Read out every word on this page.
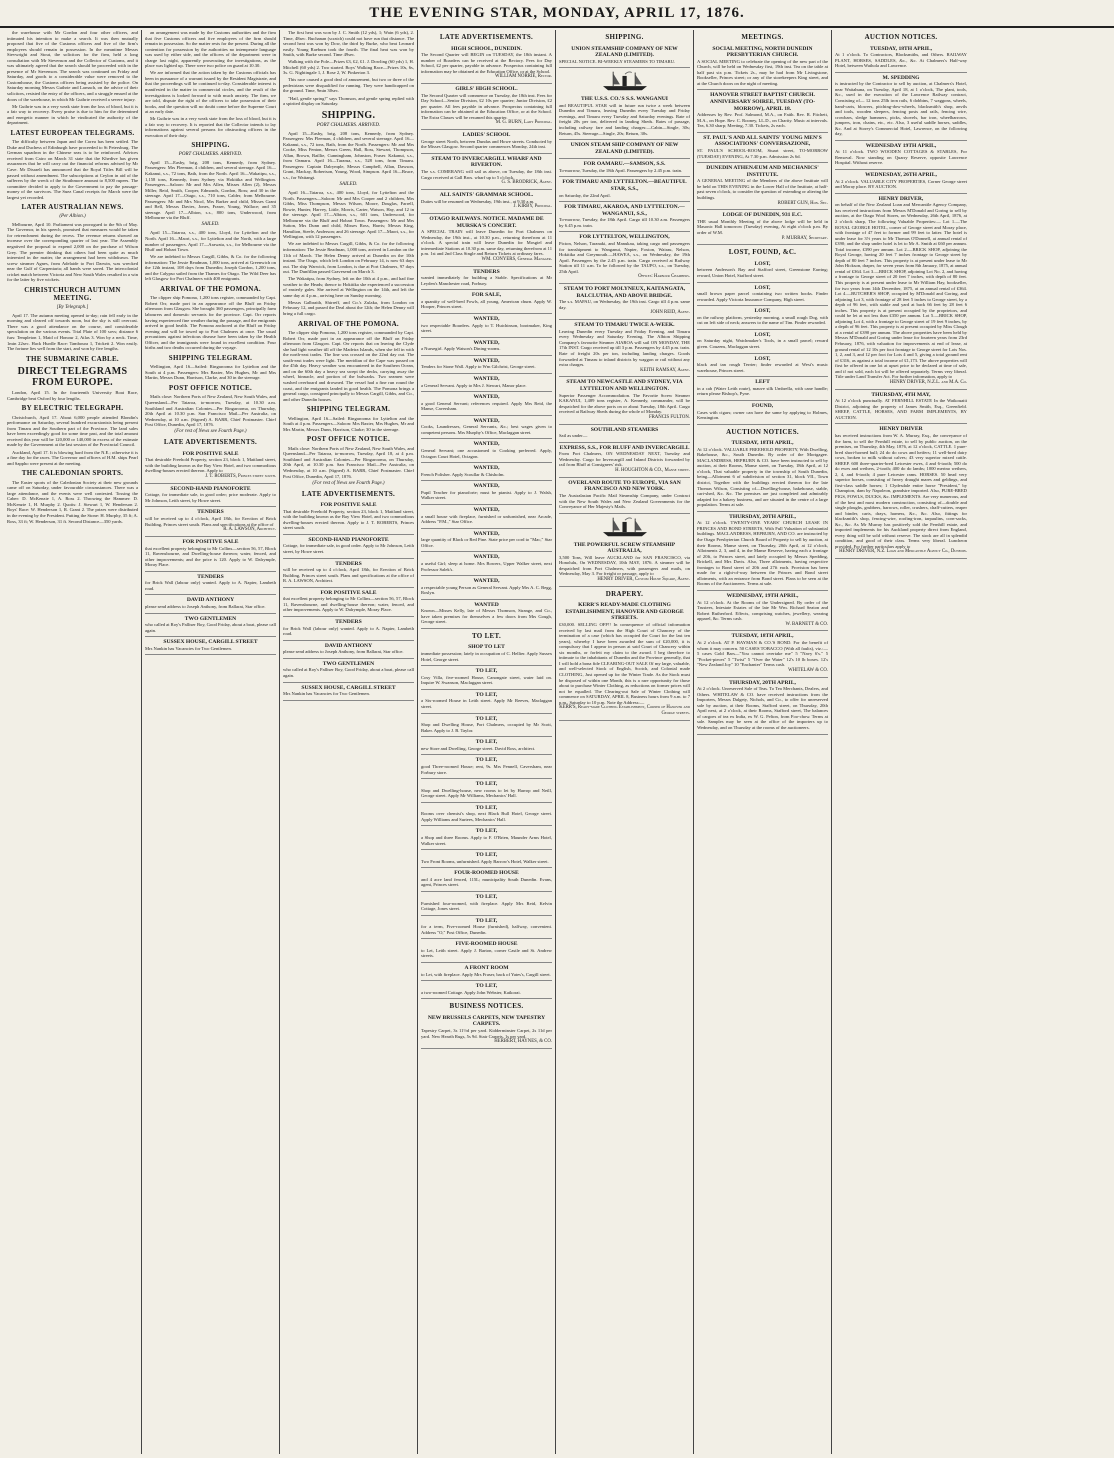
THE EVENING STAR, MONDAY, APRIL 17, 1876.

the warehouse with Mr Gordon and four other officers, and intimated his intention to make a search. It was then mutually proposed that five of the Customs officers and five of the firm's employees should remain in possession. In the meantime Messrs Sievwright and Stout, the solicitors for the firm, held a long consultation with Mr Stevenson and the Collector of Customs, and it was ultimately agreed that the search should be proceeded with in the presence of Mr Stevenson. The search was continued on Friday and Saturday, and goods to a considerable value were removed to the Customhouse, the Customs officers being assisted by the police. On Saturday morning Messrs Guthrie and Larnach, on the advice of their solicitors, resisted the entry of the officers, and a struggle ensued at the doors of the warehouse, in which Mr Guthrie received a severe injury.

Mr Guthrie was in a very weak state from the loss of blood, but it is a fair way to recovery. Every praise is due to him for the determined and energetic manner in which he vindicated the authority of the department.

LATEST EUROPEAN TELEGRAMS.

The difficulty between Japan and the Corea has been settled. The Duke and Duchess of Edinburgh have proceeded to St Petersburg. The German squadron in the Chinese seas is to be reinforced. Advices received from Cairo on March 31 state that the Khedive has given assurances that he will carry out the financial reforms advised by Mr Cave. Mr Disraeli has announced that the Royal Titles Bill will be passed without amendment. The subscriptions at Ceylon in aid of the sufferers by the wreck of the Strathmore amount to 8,500 rupees. The committee decided to apply to the Government to pay the passage-money of the survivors. The Suez Canal receipts for March were the largest yet recorded.

LATER AUSTRALIAN NEWS.
(Per Albion.)

Melbourne, April 10. Parliament was prorogued to the 9th of May. The Governor, in his speech, promised that measures would be taken for retrenchment during the recess. The revenue returns showed an increase over the corresponding quarter of last year. The Assembly negatived the proposal to expend 2,000 on the purchase of Wilson Grey. The premier thinking that others had been quite as much interested in the matter, the arrangement had been withdrawn. The screw steamer Agnes, from Adelaide to Port Darwin, was wrecked near the Gulf of Carpentaria; all hands were saved. The intercolonial cricket match between Victoria and New South Wales resulted in a win for the latter by five wickets.

CHRISTCHURCH AUTUMN MEETING.
[By Telegraph.]

April 17. The autumn meeting opened to-day; rain fell early in the morning and cleared off towards noon, but the sky is still overcast. There was a good attendance on the course, and considerable speculation on the various events. Trial Plate of 100 sovs; distance 6 furs: Templeton 1, Maid of Honour 2, Atlas 3. Won by a neck. Time, 1min 22sec. Hack Hurdle Race: Tamboura 1, Trickett 2. Won easily. The fortune lies well from the start, and won by five lengths.

THE SUBMARINE CABLE.
DIRECT TELEGRAMS FROM EUROPE.

London, April 15. In the fourteenth University Boat Race, Cambridge beat Oxford by four lengths.

BY ELECTRIC TELEGRAPH.

Christchurch, April 17. About 6,000 people attended Blondin's performance on Saturday, several hundred excursionists being present from Timaru and the Southern part of the Province. The land sales have been exceedingly good for some time past, and the total amount received this year will be 120,000 or 140,000 in excess of the estimate made by the Government at the last session of the Provincial Council.

Auckland, April 17. It is blowing hard from the N.E.; otherwise it is a fine day for the races. The Governor and officers of H.M. ships Pearl and Sappho were present at the meeting.

THE CALEDONIAN SPORTS.

The Easter sports of the Caledonian Society at their new grounds came off on Saturday, under favourable circumstances. There was a large attendance, and the events were well contested. Tossing the Caber: D. McKenzie 1, A. Ross 2. Throwing the Hammer: D. McKenzie 1, H. Murphy 2. Quoits: J. Stewart 1, W. Henderson 2. Boys' Race: W. Henderson 1, R. Grant 2. The prizes were distributed in the evening by the President. Putting the Stone: H. Murphy, 35 ft; A. Ross, 33 ft; W. Henderson, 31 ft. Second Distance—350 yards.

an arrangement was made by the Customs authorities and the firm that five Customs officers and five employees of the firm should remain in possession. So the matter rests for the present. During all the contention for possession by the authorities no intemperate language was used by either side, and the officers of the department were in charge last night, apparently prosecuting the investigations, as the place was lighted up. There were two police on guard at 10.30.

We are informed that the action taken by the Customs officials has been in pursuance of a warrant issued by the Resident Magistrate, and that the proceedings will be continued to-day. Considerable interest is manifested in the matter in commercial circles, and the result of the investigations is looked forward to with much anxiety. The firm, we are told, dispute the right of the officers to take possession of their books, and the question will no doubt come before the Supreme Court at an early date.

Mr Guthrie was in a very weak state from the loss of blood, but it is a fair way to recovery. It is reported that the Collector intends to lay informations against several persons for obstructing officers in the execution of their duty.

SHIPPING.
PORT CHALMERS. ARRIVED.

April 15—Easby, brig, 208 tons, Kennedy, from Sydney. Passengers: Mrs Fleeman, 4 children, and several steerage. April 16—Kakanui, s.s., 72 tons, Bath, from the North. April 16—Wakatipu, s.s., 1,158 tons, Kennedy, from Sydney via Hokitika and Wellington. Passengers—Saloon: Mr and Mrs Allen, Misses Allen (2), Messrs Miller, Reid, Smith, Cooper, Edmonds, Gordon, Ross; and 30 in the steerage. April 17—Otago, s.s., 710 tons, Calder, from Melbourne. Passengers: Mr and Mrs Nicol, Mrs Barker and child, Misses Grant and Bell, Messrs Davies, Jones, Fraser, Young, Wallace; and 35 steerage. April 17—Albion, s.s., 800 tons, Underwood, from Melbourne via the Bluff.

SAILED.

April 15—Taiaroa, s.s., 400 tons, Lloyd, for Lyttelton and the North. April 16—Maori, s.s., for Lyttelton and the North, with a large number of passengers. April 17—Arawata, s.s., for Melbourne via the Bluff and Hobart Town.

We are indebted to Messrs Cargill, Gibbs, & Co. for the following information: The Jessie Readman, 1,000 tons, arrived at Greenwich on the 12th instant, 108 days from Dunedin; Joseph Gordon, 1,200 tons, and the Calypso sailed from the Thames for Otago. The Wild Deer has left Glasgow for Port Chalmers with 400 emigrants.

ARRIVAL OF THE POMONA.

The clipper ship Pomona, 1,200 tons register, commanded by Capt. Robert Orr, made port in an appearance off the Bluff on Friday afternoon from Glasgow. She brought 360 passengers, principally farm labourers and domestic servants for the province. Capt. Orr reports having experienced fine weather during the passage, and the emigrants arrived in good health. The Pomona anchored at the Bluff on Friday evening and will be towed up to Port Chalmers at once. The usual precautions against infectious disease have been taken by the Health Officer, and the immigrants were found in excellent condition. Four births and two deaths occurred during the voyage.

SHIPPING TELEGRAM.

Wellington, April 16—Sailed: Ringarooma for Lyttelton and the South at 4 p.m. Passengers: Mrs Baxter, Mrs Hughes, Mr and Mrs Martin, Messrs Dunn, Harrison, Clarke, and 30 in the steerage.

POST OFFICE NOTICE.

Mails close: Northern Ports of New Zealand, New South Wales, and Queensland—Per Taiaroa, to-morrow, Tuesday, at 10.30 a.m. Southland and Australian Colonies—Per Ringarooma, on Thursday, 20th April at 10.30 p.m. San Francisco Mail—Per Australia, on Wednesday, at 10 a.m. (Signed) A. BARR, Chief Postmaster. Chief Post Office, Dunedin, April 17, 1876.

(For rest of News see Fourth Page.)
LATE ADVERTISEMENTS.
FOR POSITIVE SALE
That desirable Freehold Property, section 23, block 1, Maitland street, with the building known as the Bay View Hotel, and two commodious dwelling-houses erected thereon. Apply to
J. T. ROBERTS, Princes street south.
SECOND-HAND PIANOFORTE
Cottage, for immediate sale, in good order; price moderate. Apply to Mr Johnson, Leith street, by Howe street.
TENDERS
will be received up to 4 o'clock, April 18th, for Erection of Brick Building, Princes street south. Plans and specifications at the office of
R. A. LAWSON, Architect.
FOR POSITIVE SALE
that excellent property belonging to Mr Collins—section 56, 57, Block 11, Ravensbourne, and Dwelling-house thereon; water, fenced, and other improvements; and the price is 120. Apply to W. Dalrymple, Moray Place.
TENDERS
for Brick Wall (labour only) wanted. Apply to A. Napier, Lambeth road.
DAVID ANTHONY
please send address to Joseph Anthony, from Ballarat, Star office.
TWO GENTLEMEN
who called at Roy's Palliser Boy, Good Friday, about a boat, please call again.
SUSSEX HOUSE, CARGILL STREET
Mrs Nankin has Vacancies for Two Gentlemen.

The first heat was won by J. C. Smith (12 yds), 1; Wain (6 yds), 2. Time, 48sec. Buchanan (scratch) could not have run that distance. The second heat was won by Dow, the third by Burke, who beat Leonard easily. Young Raeburn took the fourth. The final heat was won by Smith, with Burke second. Time 49sec.

Walking with the Pole—Prizes £3, £2, £1. J. Dowling (60 yds) 1, H. Mitchell (60 yds) 2. Two started. Boys' Walking Race—Prizes 10s, 6s, 3s. G. Nightingale 1, J. Rose 2, W. Pinkerton 3.

This race caused a good deal of amusement, but two or three of the pedestrians were disqualified for running. They were handicapped on the ground. Time, 9min 30sec.

"Hail, gentle spring!" says Thomson, and gentle spring replied with a spirited display on Saturday.

SHIPPING.
PORT CHALMERS. ARRIVED.

April 15—Easby, brig, 208 tons, Kennedy, from Sydney. Passengers: Mrs Fleeman, 4 children, and several steerage. April 16—Kakanui, s.s., 72 tons, Bath, from the North. Passengers: Mr and Mrs Cooke, Miss Fenton, Messrs Green, Hall, Ross, Stewart, Thompson, Allan, Brown, Baillie, Cunningham, Johnston, Fraser. Kakanui, s.s., from Oamaru. April 16—Tararua, s.s., 528 tons, from Timaru. Passengers: Captain Dalrymple, Messrs Campbell, Allan, Dawson, Grant, Mackay, Robertson, Young, Wood, Simpson. April 16—Bruce, s.s., for Waitangi.

SAILED.

April 16—Taiaroa, s.s., 400 tons, Lloyd, for Lyttelton and the North. Passengers—Saloon: Mr and Mrs Cooper and 2 children, Mrs Gibbs, Miss Thompson, Messrs Wilson, Moore, Douglas, Farrell, Bowie, Hunter, Harvey, Little, Morris, Carter, Watson, Hay, and 12 in the steerage. April 17—Albion, s.s., 601 tons, Underwood, for Melbourne via the Bluff and Hobart Town. Passengers: Mr and Mrs Sutton, Mrs Dunn and child, Misses Ross, Harris; Messrs King, Hamilton, Steele, Anderson; and 26 steerage. April 17—Maori, s.s., for Wellington, with 12 passengers.

We are indebted to Messrs Cargill, Gibbs, & Co. for the following information: The Jessie Readman, 1,000 tons, arrived in London on the 11th of March. The Helen Denny arrived at Dunedin on the 10th instant. The Otago, which left London on February 14, is now 63 days out. The ship Warwick, from London, is due at Port Chalmers, 97 days out. The Dunfillan passed Gravesend on March 3.

The Wakatipu, from Sydney, left on the 10th at 4 p.m., and had fine weather to the Heads; thence to Hokitika she experienced a succession of easterly gales. She arrived at Wellington on the 14th, and left the same day at 4 p.m., arriving here on Sunday morning.

Messrs Galbraith, Shirreff, and Co.'s Zulaka, from London on February 12, and passed the Deal about the 12th; the Helen Denny will bring a full cargo.

ARRIVAL OF THE POMONA.

The clipper ship Pomona, 1,200 tons register, commanded by Capt. Robert Orr, made port in an appearance off the Bluff on Friday afternoon from Glasgow. Capt. Orr reports that on leaving the Clyde she had light weather till off the Madeira Islands, when she fell in with the north-east trades. The line was crossed on the 22nd day out. The south-east trades were light. The meridian of the Cape was passed on the 45th day. Heavy weather was encountered in the Southern Ocean, and on the 60th day a heavy sea swept the decks, carrying away the wheel, binnacle, and portion of the bulwarks. Two seamen were washed overboard and drowned. The vessel had a fine run round the coast, and the emigrants landed in good health. The Pomona brings a general cargo, consigned principally to Messrs Cargill, Gibbs, and Co., and other Dunedin houses.

SHIPPING TELEGRAM.

Wellington, April 16—Sailed: Ringarooma for Lyttelton and the South at 4 p.m. Passengers—Saloon: Mrs Baxter, Mrs Hughes, Mr and Mrs Martin, Messrs Dunn, Harrison, Clarke; 30 in the steerage.

POST OFFICE NOTICE.

Mails close: Northern Ports of New Zealand, New South Wales, and Queensland—Per Taiaroa, to-morrow, Tuesday, April 18, at 4 p.m. Southland and Australian Colonies—Per Ringarooma, on Thursday, 20th April, at 10.30 p.m. San Francisco Mail—Per Australia, on Wednesday, at 10 a.m. (Signed) A. BARR, Chief Postmaster. Chief Post Office, Dunedin, April 17, 1876.

(For rest of News see Fourth Page.)
LATE ADVERTISEMENTS.
FOR POSITIVE SALE
That desirable Freehold Property, section 23, block 1, Maitland street, with the building known as the Bay View Hotel, and two commodious dwelling-houses erected thereon. Apply to J. T. ROBERTS, Princes street south.
SECOND-HAND PIANOFORTE
Cottage, for immediate sale, in good order. Apply to Mr Johnson, Leith street, by Howe street.
TENDERS
will be received up to 4 o'clock, April 18th, for Erection of Brick Building, Princes street south. Plans and specifications at the office of R. A. LAWSON, Architect.
FOR POSITIVE SALE
that excellent property belonging to Mr Collins—section 56, 57, Block 11, Ravensbourne, and dwelling-house thereon; water, fenced, and other improvements. Apply to W. Dalrymple, Moray Place.
TENDERS
for Brick Wall (labour only) wanted. Apply to A. Napier, Lambeth road.
DAVID ANTHONY
please send address to Joseph Anthony, from Ballarat, Star office.
TWO GENTLEMEN
who called at Roy's Palliser Boy, Good Friday, about a boat, please call again.
SUSSEX HOUSE, CARGILL STREET
Mrs Nankin has Vacancies for Two Gentlemen.
LATE ADVERTISEMENTS.
HIGH SCHOOL, DUNEDIN.
The Second Quarter will BEGIN on TUESDAY, the 18th instant. A number of Boarders can be received at the Rectory. Fees for Day School, £2 per quarter, payable in advance. Prospectus containing full information may be obtained at the Education Office, or at the School.
WILLIAM NORRIE, Rector.
GIRLS' HIGH SCHOOL.
The Second Quarter will commence on Tuesday, the 18th inst. Fees for Day School—Senior Division, £2 10s per quarter; Junior Division, £2 per quarter. All fees payable in advance. Prospectus containing full information can be obtained at the Education Office, or at the School. The Extra Classes will be resumed this quarter.
M. G. BURN, Lady Principal.
LADIES' SCHOOL
George street North, between Dundas and Howe streets. Conducted by the Misses Glasgow. Second quarter commences Monday, 24th inst.
STEAM TO INVERCARGILL WHARF AND RIVERTON.
The s.s. COMERANG will sail as above, on Tuesday, the 18th inst. Cargo received at Gall Bros. wharf up to 5 o'clock.
G. S. BRODRICK, Agent.
ALL SAINTS' GRAMMAR SCHOOL.
Duties will be resumed on Wednesday, 19th inst., at 9.30 a.m.
J. KIRBY, Principal.
OTAGO RAILWAYS. NOTICE. MADAME DE MURSKA'S CONCERT.
A SPECIAL TRAIN will leave Dunedin for Port Chalmers on Wednesday, the 19th inst., at 10.30 p.m., returning therefrom at 11 o'clock. A special train will leave Dunedin for Mosgiel and intermediate Stations at 10.30 p.m. same day, returning therefrom at 11 p.m. 1st and 2nd Class Single and Return Tickets at ordinary fares.
WM. CONYERS, General Manager.
TENDERS
wanted immediately for building a Stable. Specifications at Mr Leyden's Manchester road, Forbury.
FOR SALE,
a quantity of well-bred Fowls, all young, American churn. Apply W. Hooper, Princes street.
WANTED,
two respectable Boarders. Apply to T. Hutchinson, bootmaker, King street.
WANTED,
a Nursegirl. Apply Watson's Dining-rooms.
WANTED,
Tenders for Stone Wall. Apply to Wm Gilchrist, George street.
WANTED,
a General Servant. Apply to Mrs J. Stewart, Manor place.
WANTED,
a good General Servant; references required. Apply Mrs Reid, the Manse, Caversham.
WANTED,
Cooks, Laundresses, General Servants, &c.; best wages given to competent persons. Mrs Murphy's Office, Maclaggan street.
WANTED,
General Servant; one accustomed to Cooking preferred. Apply, Octagon Court Hotel, Octagon.
WANTED,
French Polisher. Apply Scoullar & Chisholm.
WANTED,
Pupil Teacher for pianoforte; must be pianist. Apply to J. Walsh, Walker street.
WANTED,
a small house with fireplace, furnished or unfurnished, near Arcade, Address "P.M.," Star Office.
WANTED,
large quantity of Black or Red Pine. State price per cord to "Mac," Star Office.
WANTED,
a useful Girl; sleep at home. Mrs Bowers, Upper Walker street, next Professor Salek's.
WANTED,
a respectable young Person as General Servant. Apply Mrs A. C. Begg, Roslyn.
WANTED
Known—Misses Kelly, late of Messrs Thomson, Strange, and Co., have taken premises for themselves a few doors from Mrs Gough, George street.
TO LET.
SHOP TO LET
immediate possession; lately in occupation of C. Hellier. Apply Sussex Hotel, George street.
TO LET,
Cosy Villa, five-roomed House, Canongate street, water laid on. Inquire W. Swanson, Maclaggan street.
TO LET,
a Six-roomed House in Leith street. Apply Mr Reeves, Maclaggan street.
TO LET,
Shop and Dwelling House, Port Chalmers, occupied by Mr Scott, Baker. Apply to J. B. Taylor.
TO LET,
new Store and Dwelling, George street. David Ross, architect.
TO LET,
good Three-roomed House; rent, 9s. Mrs Fennell, Caversham, near Forbury store.
TO LET,
Shop and Dwelling-house, new rooms to let by Harrop and Neill, George street. Apply Mr Williams, Mechanics' Hall.
TO LET,
Rooms over chemist's shop, next Black Bull Hotel, George street. Apply Williams and Surtees, Mechanics' Hall.
TO LET,
a Shop and three Rooms. Apply to F. O'Brien, Maunder Arms Hotel, Walker street.
TO LET,
Two Front Rooms, unfurnished. Apply Barrow's Hotel, Walker street.
FOUR-ROOMED HOUSE
and 4 acre land fenced, 115L; municipality South Dunedin. Evans, agent, Princes street.
TO LET,
Furnished four-roomed, with fireplace. Apply Mrs Reid, Kelvin Cottage, Jones street.
TO LET,
for a term, Five-roomed House (furnished), halfway, convenient. Address "O," Post Office, Dunedin.
FIVE-ROOMED HOUSE
to Let, Leith street. Apply J. Barton, corner Castle and St. Andrew streets.
A FRONT ROOM
to Let, with fireplace. Apply Mrs Fraser, back of Yates's, Cargill street.
TO LET,
a two-roomed Cottage. Apply John Webster, Kaikorai.
BUSINESS NOTICES.
NEW BRUSSELS CARPETS, NEW TAPESTRY CARPETS.
Tapestry Carpet, 3s 11½d per yard. Kidderminster Carpet, 2s 11d per yard. New Hearth Rugs, 5s 9d. Stair Carpets, 1s per yard.
HERBERT, HAYNES, & CO.
SHIPPING.
UNION STEAMSHIP COMPANY OF NEW ZEALAND (LIMITED).
SPECIAL NOTICE. BI-WEEKLY STEAMERS TO TIMARU.
THE U.S.S. CO.'S S.S. WANGANUI
and BEAUTIFUL STAR will in future run twice a week between Dunedin and Timaru, leaving Dunedin every Tuesday and Friday evenings, and Timaru every Tuesday and Saturday evenings. Rate of freight 20s per ton, delivered in landing Sheds. Rates of passage, including railway fare and landing charges:—Cabin—Single, 30s; Return, 45s. Steerage—Single, 20s; Return, 30s.
UNION STEAM SHIP COMPANY OF NEW ZEALAND (LIMITED).
FOR OAMARU.—SAMSON, S.S.
To-morrow, Tuesday, the 18th April. Passengers by 2.45 p.m. train.
FOR TIMARU AND LYTTELTON.—BEAUTIFUL STAR, S.S.,
on Saturday, the 22nd April.
FOR TIMARU, AKAROA, AND LYTTELTON.—WANGANUI, S.S.,
To-morrow, Tuesday, the 18th April. Cargo till 10.30 a.m. Passengers by 6.45 p.m. train.
FOR LYTTELTON, WELLINGTON,
Picton, Nelson, Taranaki, and Manukau, taking cargo and passengers for transhipment to Wanganui, Napier, Foxton, Wairau, Nelson, Hokitika and Greymouth.—HAWEA, s.s., on Wednesday, the 19th April. Passengers by the 2.45 p.m. train. Cargo received at Railway Station till 11 a.m. To be followed by the TAUPO, s.s., on Tuesday, 25th April.
Offices: Harbour Chambers.
STEAM TO PORT MOLYNEUX, KAITANGATA, BALCLUTHA, AND ABOVE BRIDGE.
The s.s. MAPAU, on Wednesday, the 19th inst. Cargo till 4 p.m. same day.
JOHN REID, Agent.
STEAM TO TIMARU TWICE A-WEEK.
Leaving Dunedin every Tuesday and Friday Evening, and Timaru every Wednesday and Saturday Evening. The Albion Shipping Company's favourite Steamer AIAROA will sail ON MONDAY, THE 17th INST. Cargo received up till 3 p.m. Passengers by 4.45 p.m. train. Rate of freight 20s per ton, including landing charges. Goods forwarded at Timaru to inland districts by waggon or rail without any extra charges.
KEITH RAMSAY, Agent.
STEAM TO NEWCASTLE AND SYDNEY, VIA LYTTELTON AND WELLINGTON.
Superior Passenger Accommodation. The Favorite Screw Steamer KAKANUI, 1,489 tons register, A. Kennedy, commander, will be despatched for the above ports on or about Tuesday, 18th April. Cargo received at Railway Sheds during the whole of Monday.
FRANCIS FULTON.
SOUTHLAND STEAMERS
Sail as under—
EXPRESS, S.S., FOR BLUFF AND INVERCARGILL
From Port Chalmers, ON WEDNESDAY NEXT, Tuesday and Wednesday. Cargo for Invercargill and Inland Districts forwarded by rail from Bluff at Consignees' risk.
H. HOUGHTON & CO., Manse street.
OVERLAND ROUTE TO EUROPE, VIA SAN FRANCISCO AND NEW YORK.
The Australasian Pacific Mail Steamship Company, under Contract with the New South Wales and New Zealand Governments for the Conveyance of Her Majesty's Mails.
THE POWERFUL SCREW STEAMSHIP AUSTRALIA,
3,500 Tons, Will leave AUCKLAND for SAN FRANCISCO, via Honolulu, On WEDNESDAY, 10th MAY, 1876. A steamer will be despatched from Port Chalmers, with passengers and mails, on Wednesday, May 3. For freight or passage, apply to
HENRY DRIVER, Custom House Square, Agent.
DRAPERY.
KERR'S READY-MADE CLOTHING ESTABLISHMENT, HANOVER AND GEORGE STREETS.
£30,000. SELLING OFF!! In consequence of official information received by last mail from the High Court of Chancery of the termination of a case (which has occupied the Court for the last ten years), whereby I have been awarded the sum of £20,000, it is compulsory that I appear in person at said Court of Chancery within six months, or forfeit my claim to the award. I beg therefore to intimate to the inhabitants of Dunedin and the Province generally, that I will hold a bona fide CLEARING-OUT SALE Of my large, valuable, and well-selected Stock of English, Scotch, and Colonial made CLOTHING, Just opened up for the Winter Trade. As the Stock must be disposed of within one Month, this is a rare opportunity for those about to purchase Winter Clothing, as reductions on former prices will not be equalled. The Clearing-out Sale of Winter Clothing will commence on SATURDAY, APRIL 8, Business hours from 9 a.m. to 7 p.m., Saturday to 10 p.m. Note the Address:—
KERR'S, Ready-made Clothing Establishment, Corner of Hanover and George streets.
MEETINGS.
SOCIAL MEETING, NORTH DUNEDIN PRESBYTERIAN CHURCH.
A SOCIAL MEETING to celebrate the opening of the new part of the Church, will be held on Wednesday first, 19th inst. Tea on the table at half past six p.m. Tickets 2s., may be had from Mr Livingstone, Bookseller, Princes street; or any of the storekeepers King street, and at the Church doors on the night of meeting.
HANOVER STREET BAPTIST CHURCH. ANNIVERSARY SOIREE, TUESDAY (TO-MORROW), APRIL 18.
Addresses by Rev. Prof. Salmond, M.A., on Faith. Rev. R. Fitchett, M.A., on Hope. Rev. C. Rooney, LL.D., on Charity. Music at intervals. Tea, 6.30 sharp; Meeting, 7.30. Tickets, 2s each.
ST. PAUL'S AND ALL SAINTS' YOUNG MEN'S ASSOCIATIONS' CONVERSAZIONE,
ST. PAUL'S SCHOOL-ROOM, Stuart street, TO-MORROW (TUESDAY) EVENING, At 7.30 p.m. Admission 2s 6d.
DUNEDIN ATHENÆUM AND MECHANICS' INSTITUTE.
A GENERAL MEETING of the Members of the above Institute will be held on THIS EVENING in the Lower Hall of the Institute, at half-past seven o'clock, to consider the question of extending or altering the buildings.
ROBERT GUN, Hon. Sec.
LODGE OF DUNEDIN, 931 E.C.
THE usual Monthly Meeting of the above lodge will be held in Masonic Hall tomorrow (Tuesday) evening, At eight o'clock p.m. By order of W.M.
P. MURRAY, Secretary.
LOST, FOUND, &C.
LOST,
between Anderson's Bay and Stafford street, Greenstone Earring; reward, Union Hotel, Stafford street.
LOST,
small brown paper parcel containing two written books. Finder rewarded. Apply Victoria Insurance Company, High street.
LOST,
on the railway platform, yesterday morning, a small rough Dog, with cut on left side of neck; answers to the name of Tim. Finder rewarded.
LOST,
on Saturday night, Watchmaker's Tools, in a small parcel; reward given. Couzens, Maclaggan street.
LOST,
black and tan rough Terrier; finder rewarded at West's music warehouse, Princes street.
LEFT
in a cab (Water Leith route), mauve silk Umbrella, with cane handle; return please Bishop's, Pyne.
FOUND,
Cases with cigars; owner can have the same by applying to Holmes, Kensington.
AUCTION NOTICES.
TUESDAY, 18TH APRIL,
At 12 o'clock. VALUABLE FREEHOLD PROPERTY, With Dwelling, Bakehouse, &c., South Dunedin. By order of the Mortgagee. MACLANDRESS, HEPBURN & CO. have been instructed to sell by auction, at their Rooms, Manse street, on Tuesday, 18th April, at 12 o'clock, That valuable property in the township of South Dunedin, being—Allotment 6 of subdivision of section 31, block VII., Town district, Together with the buildings erected thereon for the late Thomas Wilson, Consisting of—Dwelling-house, bakehouse, stable, cart-shed, &c. &c. The premises are just completed and admirably adapted for a bakery business, and are situated in the centre of a large population. Terms at sale.
THURSDAY, 20TH APRIL,
At 12 o'clock. TWENTY-ONE YEARS' CHURCH LEASE IN PRINCES AND BOND STREETS, With Full Valuation of substantial buildings. MACLANDRESS, HEPBURN, AND CO. are instructed by the Otago Presbyterian Church Board of Property to sell by auction, at their Rooms, Manse street, on Thursday, 20th April, at 12 o'clock, Allotments 2, 3, and 4, in the Manse Reserve, having each a frontage of 20ft, to Princes street, and lately occupied by Messrs Spedding, Brickell, and Mrs Davis. Also, Three allotments, having respective frontages to Bond street of 20ft and 27ft each. Provision has been made for a right-of-way between the Princes and Bond street allotments, with an entrance from Bond street. Plans to be seen at the Rooms of the Auctioneers. Terms at sale.
WEDNESDAY, 19TH APRIL,
At 12 o'clock. At the Rooms of the Undersigned. By order of the Trustees, Intestate Estates of the late Mr Wm. Richard Seaton and Robert Rutherford. Effects, comprising watches, jewellery, wearing apparel, &c. Terms cash.
W. BARNETT & CO.
TUESDAY, 18TH APRIL,
At 2 o'clock. AT P. HAYMAN & CO.'S BOND. For the benefit of whom it may concern. 50 CASES TOBACCO (With all faults), viz.:—5 cases Gold Bars—"You cannot overtake me" 5 "Navy 6's." 5 "Pocket-pieces" 5 "Twist" 5 "Over the Water" 12's 10 lb boxes. 12's "New Zealand Joy" 10 "Enchanter" Terms cash.
WHITELAW & CO.
THURSDAY, 20TH APRIL,
At 2 o'clock. Unreserved Sale of Teas. To Tea Merchants, Dealers, and Others. WHITELAW & CO. have received instructions from the Importers, Messrs Dalgety, Nichols, and Co., to offer for unreserved sale by auction, at their Rooms, Stafford street, on Thursday, 20th April next, at 2 o'clock, at their Rooms, Stafford street, The balances of cargoes of tea ex India, ex W. G. Pelton, from Foo-chow. Terms at sale. Samples may be seen at the office of the importers up to Wednesday, and on Thursday at the rooms of the auctioneers.
AUCTION NOTICES.
TUESDAY, 18TH APRIL,
At 1 o'clock. To Contractors, Blacksmiths, and Others. RAILWAY PLANT, HORSES, SADDLES, &c., &c. At Chalmers's Half-way Hotel, between Waihola and Lawrence.
M. SPEDDING
is instructed by the Contractor to sell by auction, at Chalmers's Hotel, near Waitahuna, on Tuesday, April 18, at 1 o'clock, The plant, tools, &c., used in the execution of the Lawrence Railway contract, Consisting of— 12 tons 25lb iron rails, 6 dobbins, 7 waggons, wheels, hand-carts, blowers, pitching-dow-wheels, blacksmith's shop, anvils and tools, wooden sleepers, fencing posts and rails, fencing wire, crowbars, sledge hammers, picks, shovels, bar iron, wheelbarrows, jumpers, iron, chains, etc., etc. Also, 3 useful saddle horses, saddles, &c. And at Storey's Commercial Hotel, Lawrence, on the following day,
WEDNESDAY 19TH APRIL,
At 11 o'clock. TWO WOODEN COTTAGES & STABLES, For Removal. Now standing on Quarry Reserve, opposite Lawrence Hospital. Without reserve.
WEDNESDAY, 26TH APRIL,
At 2 o'clock. VALUABLE CITY PROPERTIES, Corner George street and Moray place. BY AUCTION.
HENRY DRIVER,
on behalf of the New Zealand Loan and Mercantile Agency Company, has received instructions from Messrs M'Donald and Goring to sell by auction, at the Otago Wool Stores, on Wednesday, 26th April, 1876, at 2 o'clock sharp, The following Valuable Properties:— Lot 1.—The ROYAL GEORGE HOTEL, corner of George street and Moray place, with frontage of 47 feet to former and 99 feet to latter. The hotel is under lease for 3½ years to Mr Thomas O'Donnell, at annual rental of £390; and the shop under hotel is let to Mr A. Smith at £60 per annum. Total income, £390 per annum. Lot 2.—BRICK SHOP, adjoining the Royal George, having 20 feet 7 inches frontage to George street by depth of 80 feet 7 inches. This property is at present under lease to Mr John Hickson, draper, for seven years from 8th January, 1875, at annual rental of £364. Lot 3.—BRICK SHOP, adjoining Lot No. 2, and having a frontage to George street of 20 feet 7 inches, with depth of 80 feet. This property is at present under lease to Mr William Hay, bookseller, for two years from 14th December, 1875, at an annual rental of £364. Lot 4.—BUTCHER'S SHOP, occupied by M'Donald and Goring, and adjoining Lot 3, with frontage of 28 feet 5 inches to George street, by a depth of 96 feet, with stable and yard at back 66 feet by 28 feet 6 inches. This property is at present occupied by the proprietors, and could be let at not less than £350 per annum. Lot 5.—BRICK SHOP, adjoining Lot 4, with a frontage to George street of 19 feet 9 inches, by a depth of 96 feet. This property is at present occupied by Miss Clough at a rental of £390 per annum. The above properties have been held by Messrs M'Donald and Goring under lease for fourteen years from 23rd February, 1876, with valuation for improvements at end of lease, at ground rental of 12 10s per foot frontage to George street for Lots Nos. 1, 2, and 3, and 12 per foot for Lots 4 and 5, giving a total ground rent of £316, as against a total income of £1,173. The above properties will first be offered in one lot at upset price to be declared at time of sale, and if not sold, each lot will be offered separately. Terms very liberal. Title under Land Transfer Act. For further information, apply to
HENRY DRIVER, N.Z.L. and M.A. Co.
THURSDAY, 4TH MAY,
At 12 o'clock punctually. AT FERNHILL ESTATE In the Waikouaiti District, adjoining the property of James Smith, Esq., Greenfield. SHEEP, CATTLE, HORSES, AND FARM IMPLEMENTS, BY AUCTION.
HENRY DRIVER
has received instructions from W. A. Murray, Esq., the conveyance of the farm, to sell the Fernhill estate, to sell by public auction, on the premises, on Thursday, 4th May, 1876, at 12 o'clock, CATTLE. 1 pure-bred short-horned bull; 24 do do cows and heifers; 11 well-bred dairy cows, broken to milk without calves; 43 very superior mixed cattle. SHEEP. 600 three-quarter-bred Leicester ewes, 4 and 6-tooth; 500 do do ewes and wethers, 2-tooth; 400 do do lambs; 1000 merino wethers, 2, 4, and 6-tooth; 4 pure Leicester rams. HORSES. 50 head very superior horses, consisting of heavy draught mares and geldings, and first-class saddle horses; 1 Clydesdale entire horse "President," by Champion, dam by Napoleon, grandsire imported. Also, PURE-BRED PIGS, FOWLS, DUCKS, &c. IMPLEMENTS. Are very numerous, and of the best and most modern construction, consisting of—double and single ploughs, grubbers, harrows, roller, crushers, chaff-cutters, reaper and binder, carts, drays, harness, &c., &c. Also, fittings for blacksmith's shop, fencing-wire, roofing-iron, tarpaulins, corn-sacks, &c., &c. As Mr Murray has positively sold the Fernhill estate, and imported implements for his Auckland property direct from England, every thing will be sold without reserve. The stock are all in splendid condition, and good of their class. Terms very liberal. Luncheon provided. For further particulars apply to
HENRY DRIVER, N.Z. Loan and Mercantile Agency Co., Dunedin.
